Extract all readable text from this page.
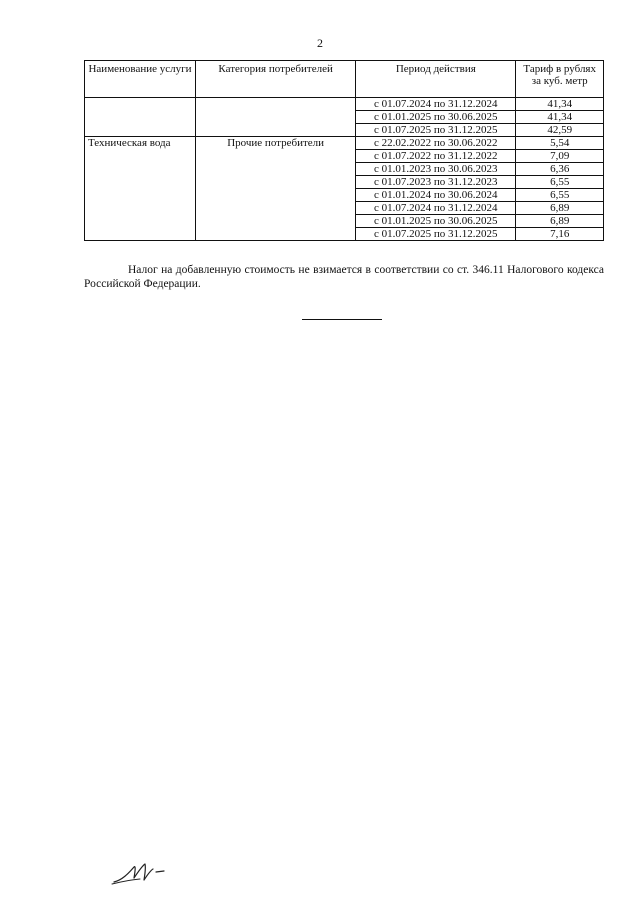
2
Наименование услуги	Категория потребителей	Период действия	Тариф в рублях за куб. метр
		с 01.07.2024 по 31.12.2024	41,34
		с 01.01.2025 по 30.06.2025	41,34
		с 01.07.2025 по 31.12.2025	42,59
Техническая вода	Прочие потребители	с 22.02.2022 по 30.06.2022	5,54
		с 01.07.2022 по 31.12.2022	7,09
		с 01.01.2023 по 30.06.2023	6,36
		с 01.07.2023 по 31.12.2023	6,55
		с 01.01.2024 по 30.06.2024	6,55
		с 01.07.2024 по 31.12.2024	6,89
		с 01.01.2025 по 30.06.2025	6,89
		с 01.07.2025 по 31.12.2025	7,16
Налог на добавленную стоимость не взимается в соответствии со ст. 346.11 Налогового кодекса Российской Федерации.
